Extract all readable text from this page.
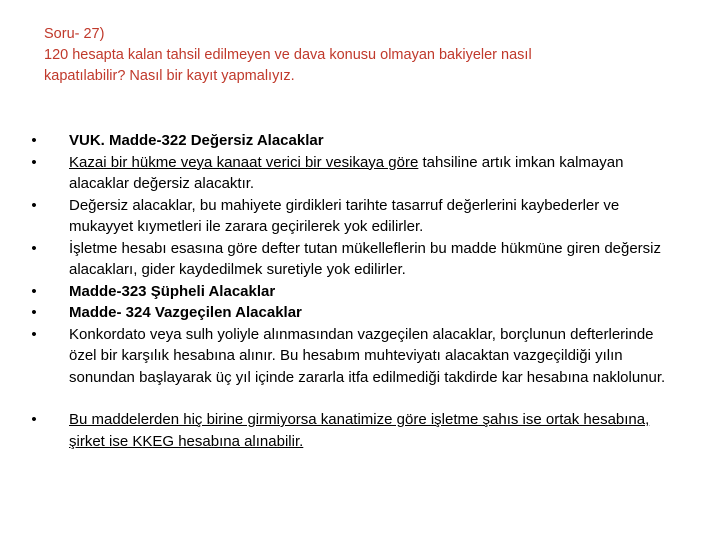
Soru- 27)
120 hesapta kalan tahsil edilmeyen ve dava konusu olmayan bakiyeler nasıl
kapatılabilir? Nasıl bir kayıt yapmalıyız.
• VUK. Madde-322 Değersiz Alacaklar
• Kazai bir hükme veya kanaat verici bir vesikaya göre tahsiline artık imkan kalmayan alacaklar değersiz alacaktır.
• Değersiz alacaklar, bu mahiyete girdikleri tarihte tasarruf değerlerini kaybederler ve mukayyet kıymetleri ile zarara geçirilerek yok edilirler.
• İşletme hesabı esasına göre defter tutan mükelleflerin bu madde hükmüne giren değersiz alacakları, gider kaydedilmek suretiyle yok edilirler.
• Madde-323 Şüpheli Alacaklar
• Madde- 324 Vazgeçilen Alacaklar
• Konkordato veya sulh yoliyle alınmasından vazgeçilen alacaklar, borçlunun defterlerinde özel bir karşılık hesabına alınır. Bu hesabım muhteviyatı alacaktan vazgeçildiği yılın sonundan başlayarak üç yıl içinde zararla itfa edilmediği takdirde kar hesabına naklolunur.
• Bu maddelerden hiç birine girmiyorsa kanatimize göre işletme şahıs ise ortak hesabına, şirket ise KKEG hesabına alınabilir.
